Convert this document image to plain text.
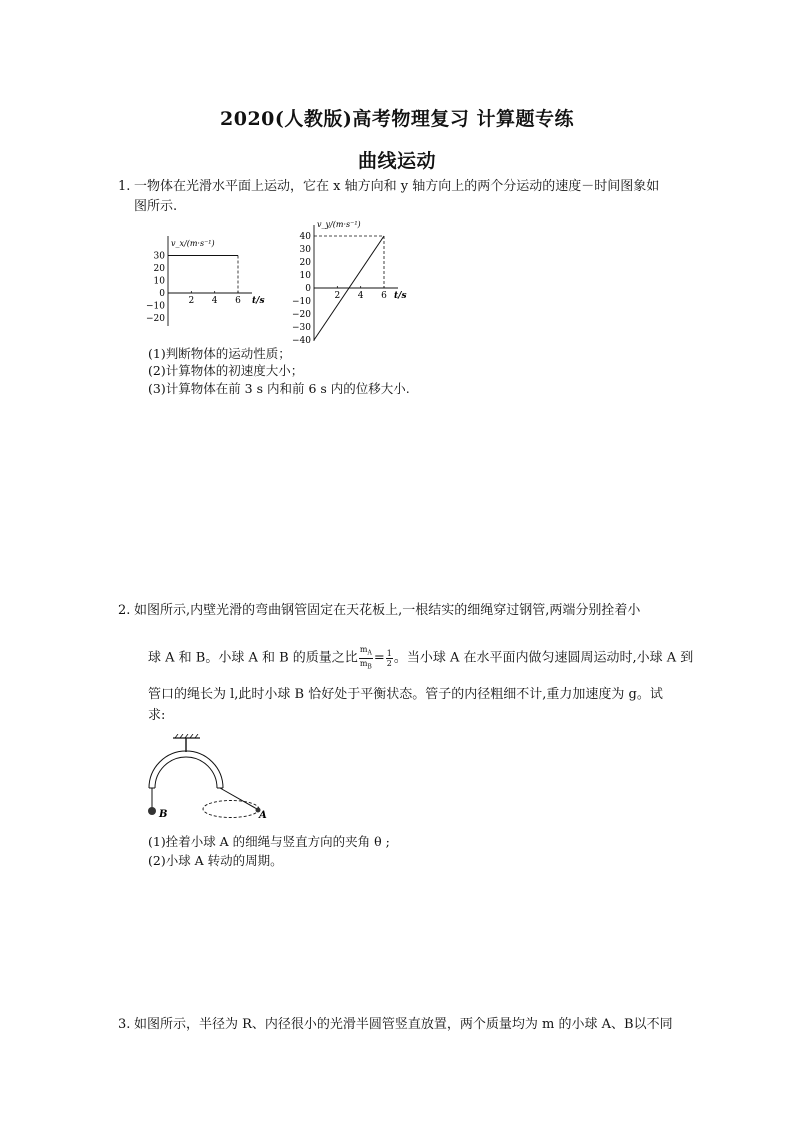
2020(人教版)高考物理复习 计算题专练
曲线运动
1. 一物体在光滑水平面上运动，它在 x 轴方向和 y 轴方向上的两个分运动的速度－时间图象如
图所示.
v_x/(m·s⁻¹)
t/s
30
20
10
0
−10
−20
2 4 6
v_y/(m·s⁻¹)
t/s
40
30
20
10
0
−10
−20
−30
−40
2 4 6
(1)判断物体的运动性质；
(2)计算物体的初速度大小；
(3)计算物体在前 3 s 内和前 6 s 内的位移大小.
2. 如图所示,内壁光滑的弯曲钢管固定在天花板上,一根结实的细绳穿过钢管,两端分别拴着小
球 A 和 B。小球 A 和 B 的质量之比 $\frac{m_A}{m_B} = \frac{1}{2}$ 。当小球 A 在水平面内做匀速圆周运动时,小球 A 到
管口的绳长为 l,此时小球 B 恰好处于平衡状态。管子的内径粗细不计,重力加速度为 g。试
求:
B	A
(1)拴着小球 A 的细绳与竖直方向的夹角 θ ;
(2)小球 A 转动的周期。
3. 如图所示，半径为 R、内径很小的光滑半圆管竖直放置，两个质量均为 m 的小球 A、B以不同
